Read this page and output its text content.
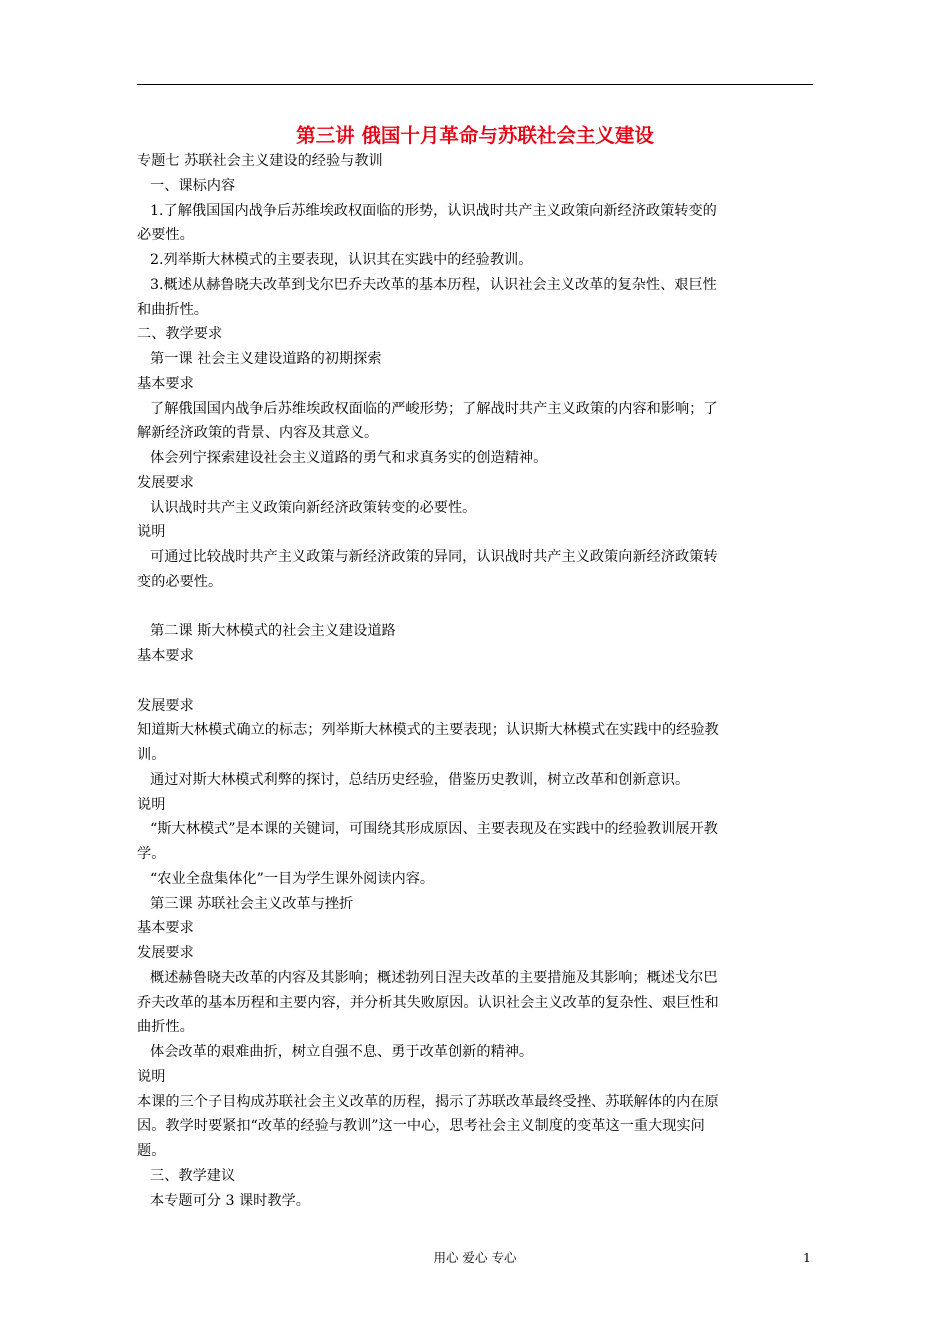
第三讲 俄国十月革命与苏联社会主义建设
专题七 苏联社会主义建设的经验与教训
一、课标内容
1.了解俄国国内战争后苏维埃政权面临的形势，认识战时共产主义政策向新经济政策转变的
必要性。
2.列举斯大林模式的主要表现，认识其在实践中的经验教训。
3.概述从赫鲁晓夫改革到戈尔巴乔夫改革的基本历程，认识社会主义改革的复杂性、艰巨性
和曲折性。
二、教学要求
第一课 社会主义建设道路的初期探索
基本要求
了解俄国国内战争后苏维埃政权面临的严峻形势；了解战时共产主义政策的内容和影响；了
解新经济政策的背景、内容及其意义。
体会列宁探索建设社会主义道路的勇气和求真务实的创造精神。
发展要求
认识战时共产主义政策向新经济政策转变的必要性。
说明
可通过比较战时共产主义政策与新经济政策的异同，认识战时共产主义政策向新经济政策转
变的必要性。
第二课 斯大林模式的社会主义建设道路
基本要求
发展要求
知道斯大林模式确立的标志；列举斯大林模式的主要表现；认识斯大林模式在实践中的经验教
训。
通过对斯大林模式利弊的探讨，总结历史经验，借鉴历史教训，树立改革和创新意识。
说明
“斯大林模式”是本课的关键词，可围绕其形成原因、主要表现及在实践中的经验教训展开教
学。
“农业全盘集体化”一目为学生课外阅读内容。
第三课 苏联社会主义改革与挫折
基本要求
发展要求
概述赫鲁晓夫改革的内容及其影响；概述勃列日涅夫改革的主要措施及其影响；概述戈尔巴
乔夫改革的基本历程和主要内容，并分析其失败原因。认识社会主义改革的复杂性、艰巨性和
曲折性。
体会改革的艰难曲折，树立自强不息、勇于改革创新的精神。
说明
本课的三个子目构成苏联社会主义改革的历程，揭示了苏联改革最终受挫、苏联解体的内在原
因。教学时要紧扣“改革的经验与教训”这一中心，思考社会主义制度的变革这一重大现实问
题。
三、教学建议
本专题可分 3 课时教学。
用心 爱心 专心	1
